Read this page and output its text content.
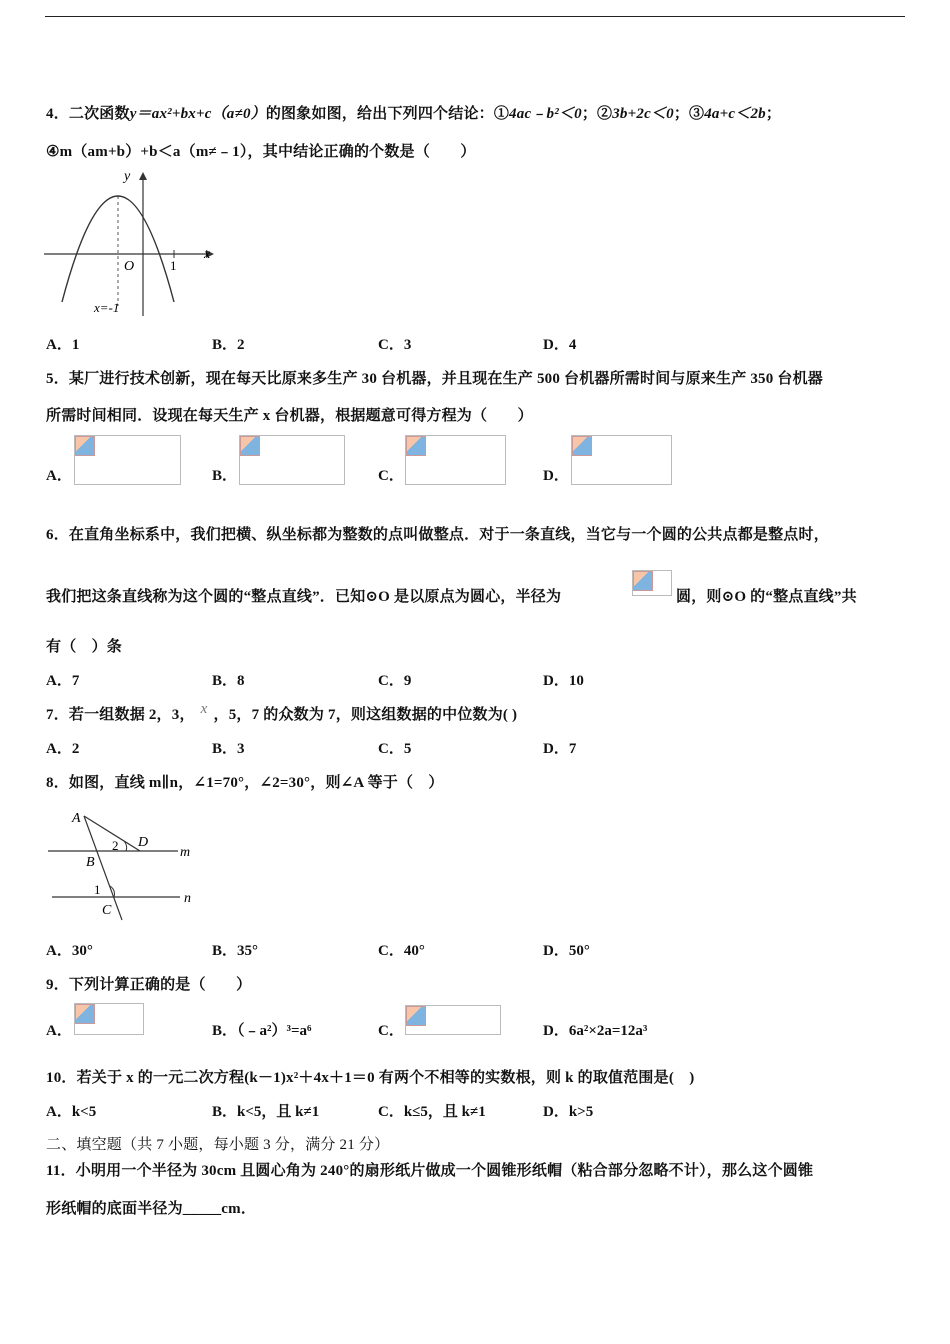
4．二次函数y＝ax²+bx+c（a≠0）的图象如图，给出下列四个结论：①4ac﹣b²＜0；②3b+2c＜0；③4a+c＜2b；
④m（am+b）+b＜a（m≠﹣1），其中结论正确的个数是（　　）
y
x
O	1
x=-1
A．1	B．2	C．3	D．4
5．某厂进行技术创新，现在每天比原来多生产 30 台机器，并且现在生产 500 台机器所需时间与原来生产 350 台机器
所需时间相同．设现在每天生产 x 台机器，根据题意可得方程为（　　）
A．	B．	C．	D．
6．在直角坐标系中，我们把横、纵坐标都为整数的点叫做整点．对于一条直线，当它与一个圆的公共点都是整点时，
我们把这条直线称为这个圆的“整点直线”．已知⊙O 是以原点为圆心，半径为	圆，则⊙O 的“整点直线”共
有（　）条
A．7	B．8	C．9	D．10
7．若一组数据 2，3， x ，5，7 的众数为 7，则这组数据的中位数为( )
A．2	B．3	C．5	D．7
8．如图，直线 m∥n，∠1=70°，∠2=30°，则∠A 等于（　）
A
D
2
B
m
1
C
n
A．30°	B．35°	C．40°	D．50°
9．下列计算正确的是（　　）
A．	B．（﹣a²）³=a⁶	C．	D．6a²×2a=12a³
10．若关于 x 的一元二次方程(k－1)x²＋4x＋1＝0 有两个不相等的实数根，则 k 的取值范围是(　)
A．k<5	B．k<5，且 k≠1	C．k≤5，且 k≠1	D．k>5
二、填空题（共 7 小题，每小题 3 分，满分 21 分）
11．小明用一个半径为 30cm 且圆心角为 240°的扇形纸片做成一个圆锥形纸帽（粘合部分忽略不计），那么这个圆锥
形纸帽的底面半径为_____cm．
